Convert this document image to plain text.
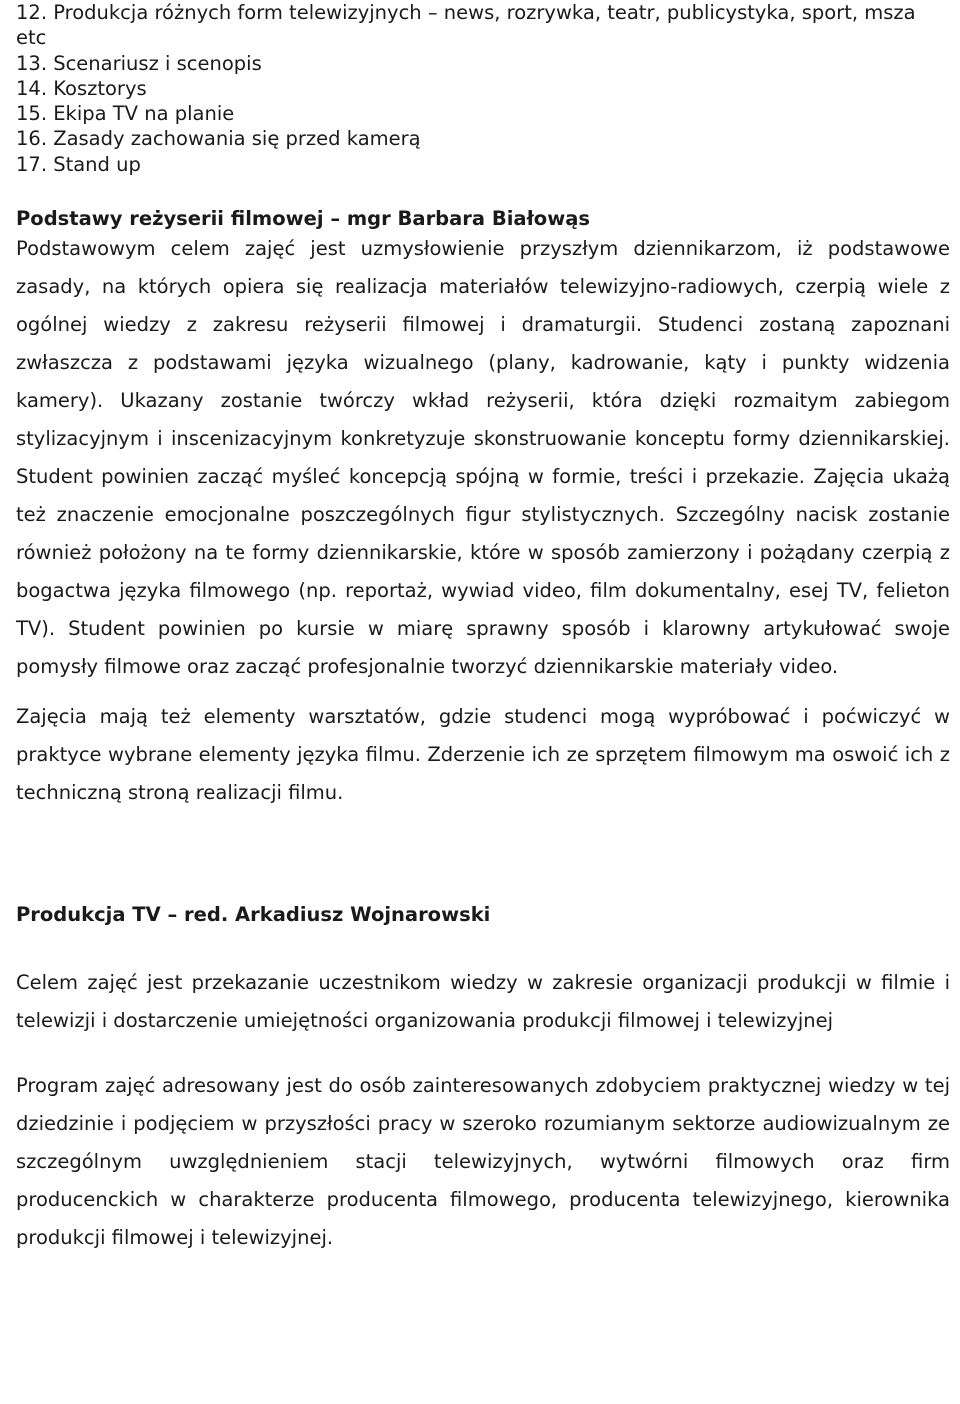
12. Produkcja różnych form telewizyjnych – news, rozrywka, teatr, publicystyka, sport, msza etc
13. Scenariusz i scenopis
14. Kosztorys
15. Ekipa TV na planie
16. Zasady zachowania się przed kamerą
17. Stand up

Podstawy reżyserii filmowej – mgr Barbara Białowąs

Podstawowym celem zajęć jest uzmysłowienie przyszłym dziennikarzom, iż podstawowe zasady, na których opiera się realizacja materiałów telewizyjno-radiowych, czerpią wiele z ogólnej wiedzy z zakresu reżyserii filmowej i dramaturgii. Studenci zostaną zapoznani zwłaszcza z podstawami języka wizualnego (plany, kadrowanie, kąty i punkty widzenia kamery). Ukazany zostanie twórczy wkład reżyserii, która dzięki rozmaitym zabiegom stylizacyjnym i inscenizacyjnym konkretyzuje skonstruowanie konceptu formy dziennikarskiej. Student powinien zacząć myśleć koncepcją spójną w formie, treści i przekazie. Zajęcia ukażą też znaczenie emocjonalne poszczególnych figur stylistycznych. Szczególny nacisk zostanie również położony na te formy dziennikarskie, które w sposób zamierzony i pożądany czerpią z bogactwa języka filmowego (np. reportaż, wywiad video, film dokumentalny, esej TV, felieton TV). Student powinien po kursie w miarę sprawny sposób i klarowny artykułować swoje pomysły filmowe oraz zacząć profesjonalnie tworzyć dziennikarskie materiały video.

Zajęcia mają też elementy warsztatów, gdzie studenci mogą wypróbować i poćwiczyć w praktyce wybrane elementy języka filmu. Zderzenie ich ze sprzętem filmowym ma oswoić ich z techniczną stroną realizacji filmu.

Produkcja TV – red. Arkadiusz Wojnarowski

Celem zajęć jest przekazanie uczestnikom wiedzy w zakresie organizacji produkcji w filmie i telewizji i dostarczenie umiejętności organizowania produkcji filmowej i telewizyjnej

Program zajęć adresowany jest do osób zainteresowanych zdobyciem praktycznej wiedzy w tej dziedzinie i podjęciem w przyszłości pracy w szeroko rozumianym sektorze audiowizualnym ze szczególnym uwzględnieniem stacji telewizyjnych, wytwórni filmowych oraz firm producenckich w charakterze producenta filmowego, producenta telewizyjnego, kierownika produkcji filmowej i telewizyjnej.
